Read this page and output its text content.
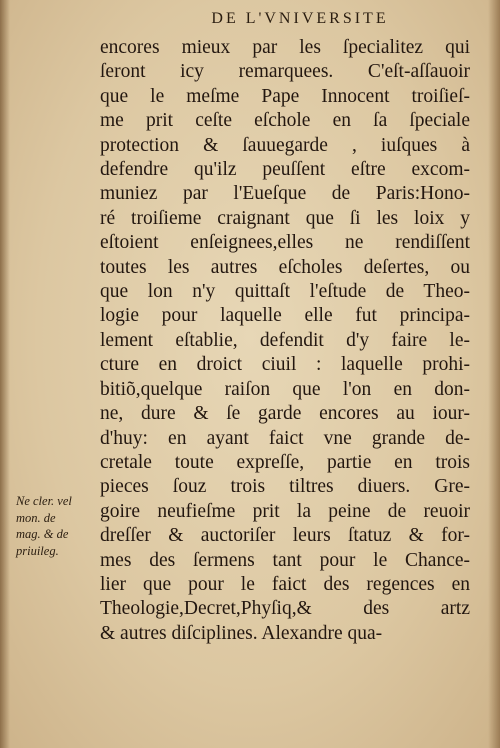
DE L'VNIVERSITE
encores mieux par les ſpecialitez qui
ſeront icy remarquees. C'eſt-aſſauoir
que le meſme Pape Innocent troiſieſ-
me prit ceſte eſchole en ſa ſpeciale
protection & ſauuegarde , iuſques à
defendre qu'ilz peuſſent eſtre excom-
muniez par l'Eueſque de Paris:Hono-
ré troiſieme craignant que ſi les loix y
eſtoient enſeignees,elles ne rendiſſent
toutes les autres eſcholes deſertes, ou
que lon n'y quittaſt l'eſtude de Theo-
logie pour laquelle elle fut principa-
lement eſtablie, defendit d'y faire le-
cture en droict ciuil : laquelle prohi-
bitiõ,quelque raiſon que l'on en don-
ne, dure & ſe garde encores au iour-
d'huy: en ayant faict vne grande de-
cretale toute expreſſe, partie en trois
pieces ſouz trois tiltres diuers. Gre-
goire neufieſme prit la peine de reuoir
dreſſer & auctoriſer leurs ſtatuz & for-
mes des ſermens tant pour le Chance-
lier que pour le faict des regences en
Theologie,Decret,Phyſiq,& des artz
& autres diſciplines. Alexandre qua-
Ne cler. vel
mon. de
mag. & de
priuileg.
